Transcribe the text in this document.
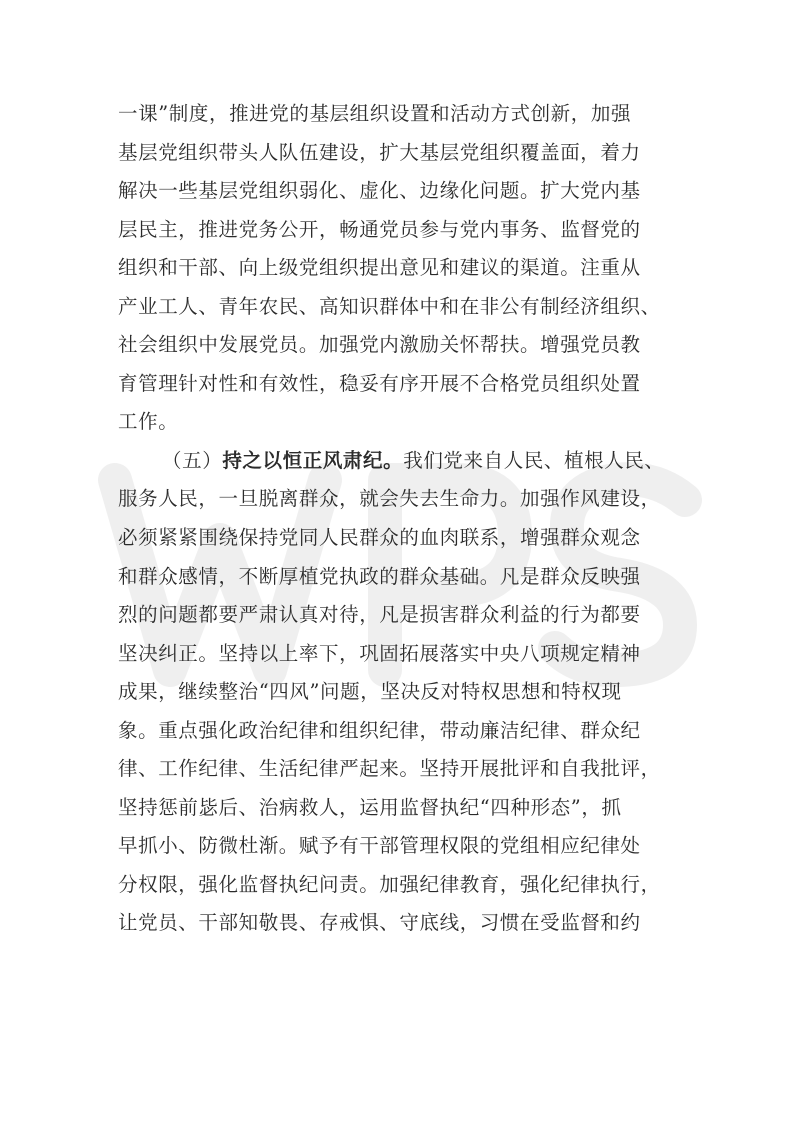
一课”制度，推进党的基层组织设置和活动方式创新，加强
基层党组织带头人队伍建设，扩大基层党组织覆盖面，着力
解决一些基层党组织弱化、虚化、边缘化问题。扩大党内基
层民主，推进党务公开，畅通党员参与党内事务、监督党的
组织和干部、向上级党组织提出意见和建议的渠道。注重从
产业工人、青年农民、高知识群体中和在非公有制经济组织、
社会组织中发展党员。加强党内激励关怀帮扶。增强党员教
育管理针对性和有效性，稳妥有序开展不合格党员组织处置
工作。
（五）持之以恒正风肃纪。我们党来自人民、植根人民、
服务人民，一旦脱离群众，就会失去生命力。加强作风建设，
必须紧紧围绕保持党同人民群众的血肉联系，增强群众观念
和群众感情，不断厚植党执政的群众基础。凡是群众反映强
烈的问题都要严肃认真对待，凡是损害群众利益的行为都要
坚决纠正。坚持以上率下，巩固拓展落实中央八项规定精神
成果，继续整治“四风”问题，坚决反对特权思想和特权现
象。重点强化政治纪律和组织纪律，带动廉洁纪律、群众纪
律、工作纪律、生活纪律严起来。坚持开展批评和自我批评，
坚持惩前毖后、治病救人，运用监督执纪“四种形态”，抓
早抓小、防微杜渐。赋予有干部管理权限的党组相应纪律处
分权限，强化监督执纪问责。加强纪律教育，强化纪律执行，
让党员、干部知敬畏、存戒惧、守底线，习惯在受监督和约
